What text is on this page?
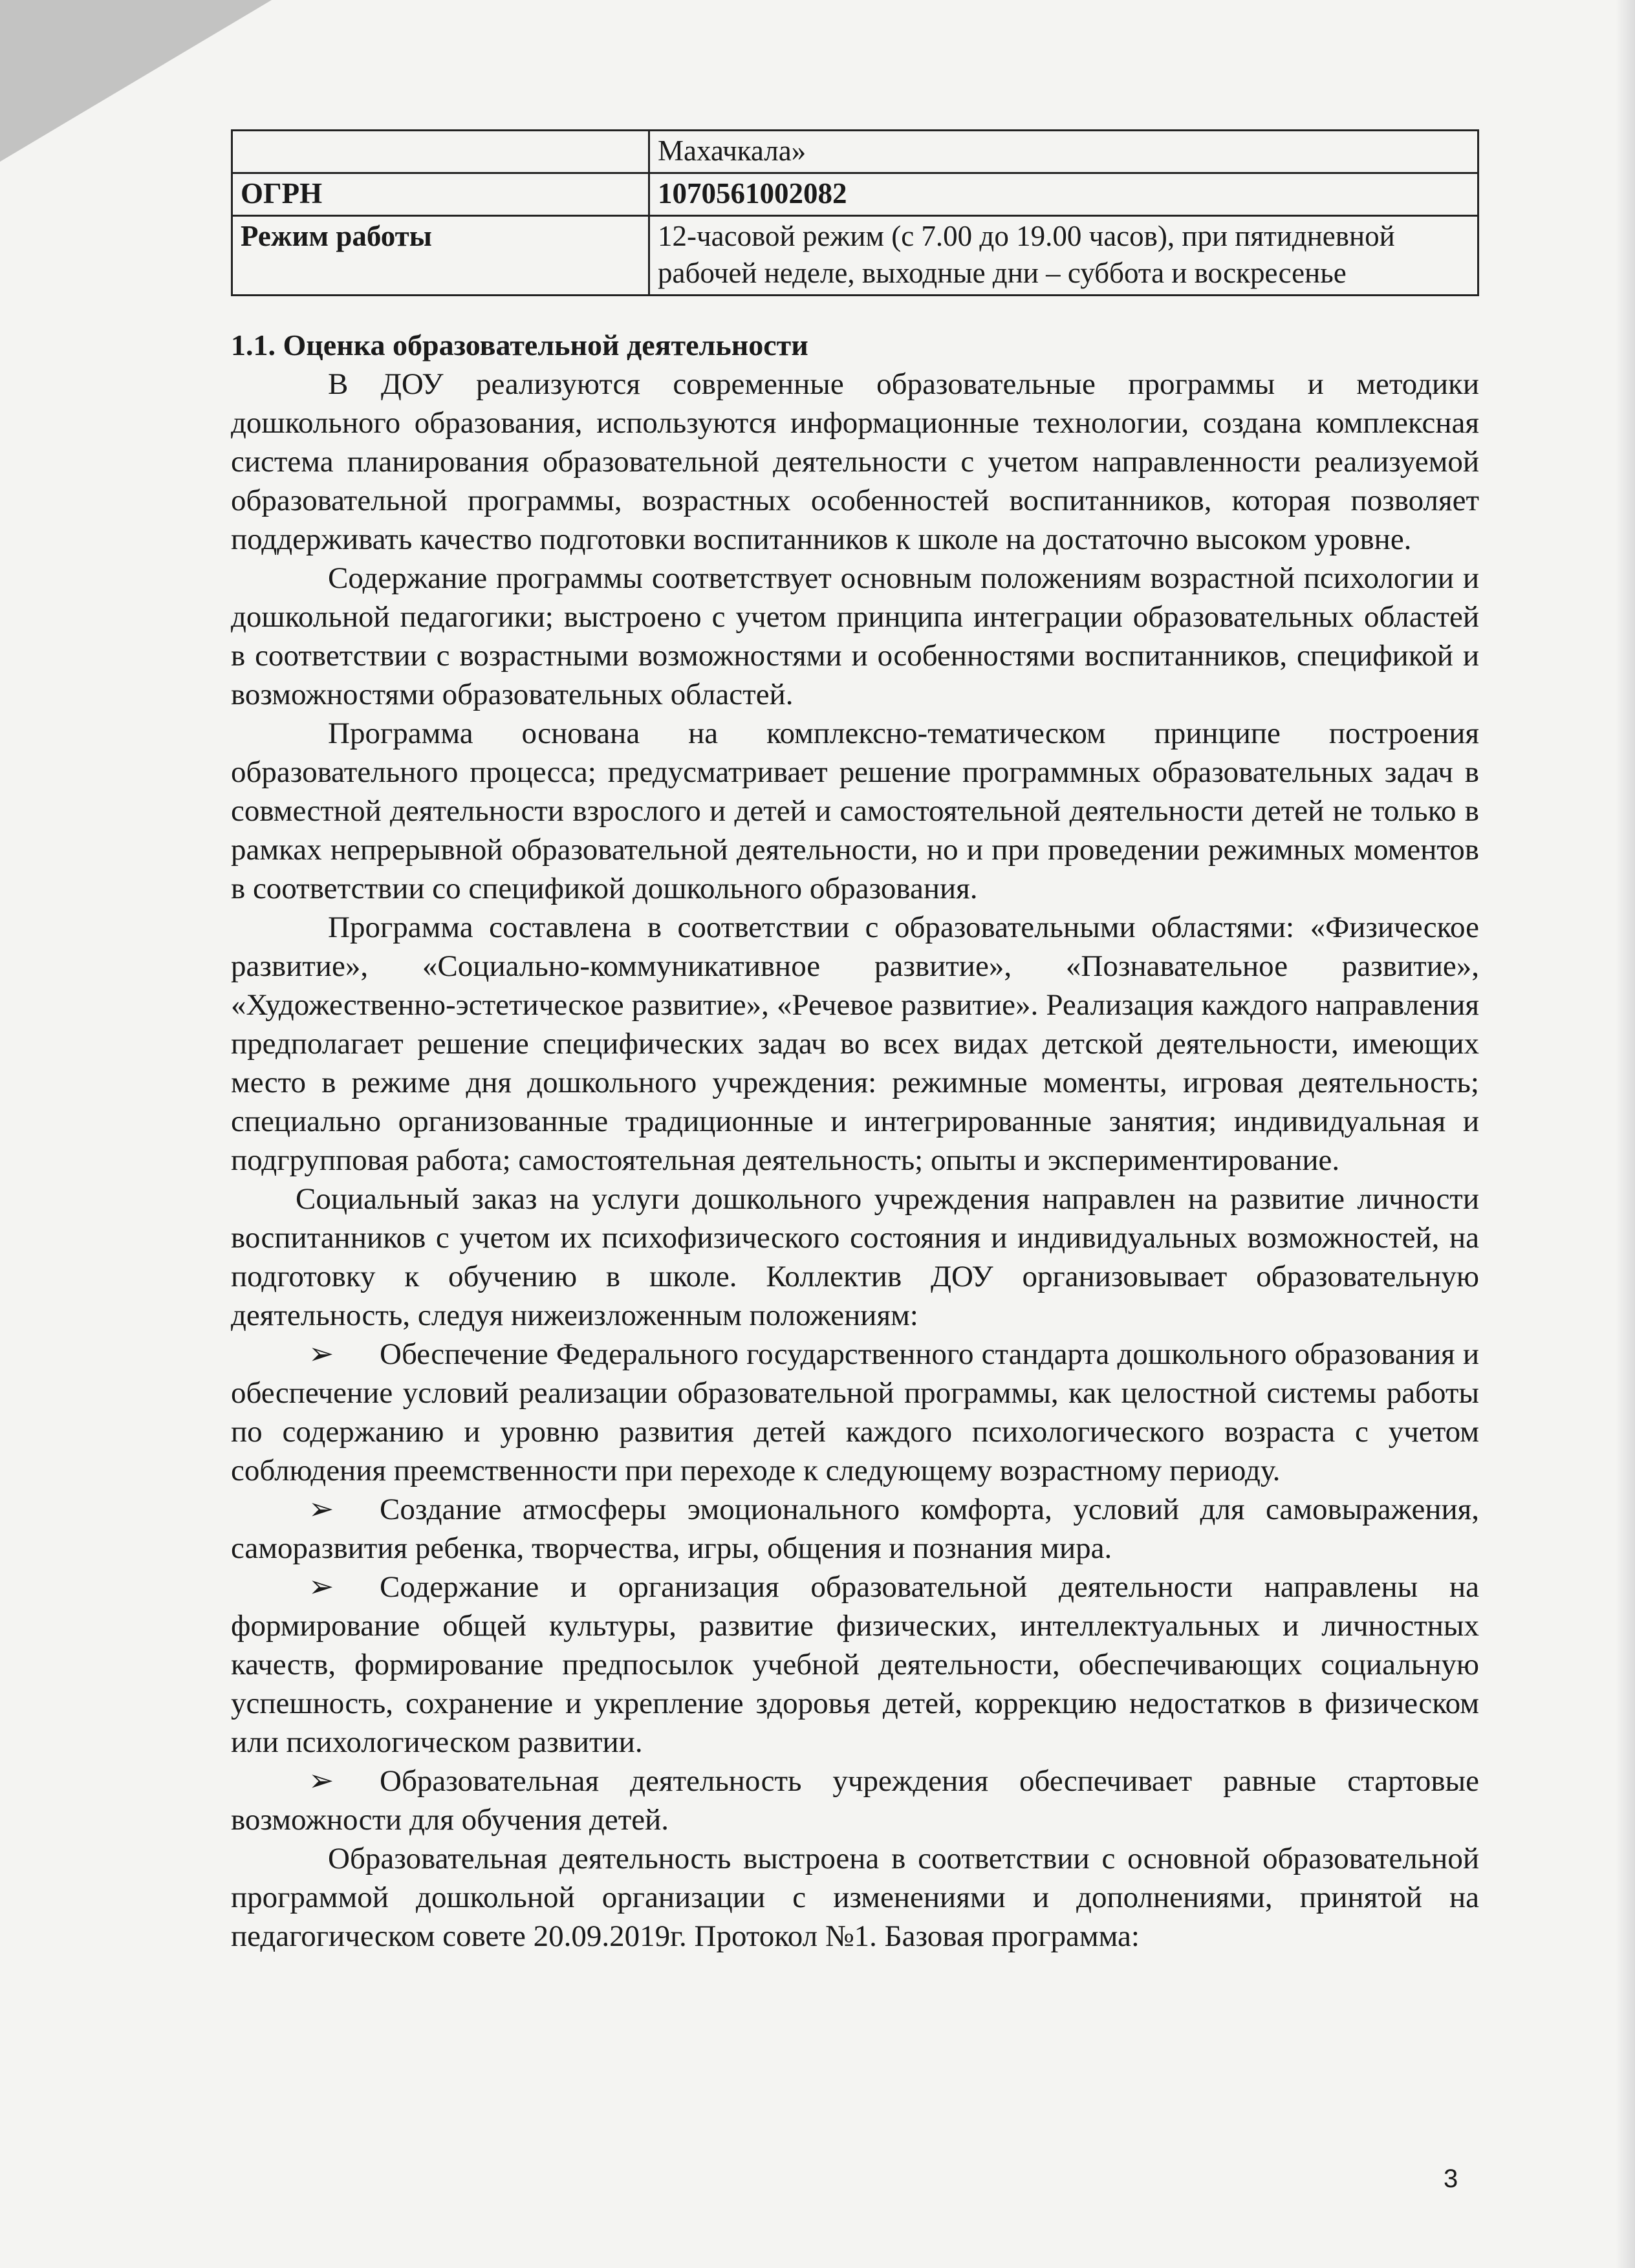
	Махачкала»
ОГРН	1070561002082
Режим работы	12-часовой режим (с 7.00 до 19.00 часов), при пятидневной рабочей неделе, выходные дни – суббота и воскресенье
1.1. Оценка образовательной деятельности

В ДОУ реализуются современные образовательные программы и методики дошкольного образования, используются информационные технологии, создана комплексная система планирования образовательной деятельности с учетом направленности реализуемой образовательной программы, возрастных особенностей воспитанников, которая позволяет поддерживать качество подготовки воспитанников к школе на достаточно высоком уровне.

Содержание программы соответствует основным положениям возрастной психологии и дошкольной педагогики; выстроено с учетом принципа интеграции образовательных областей в соответствии с возрастными возможностями и особенностями воспитанников, спецификой и возможностями образовательных областей.

Программа основана на комплексно-тематическом принципе построения образовательного процесса; предусматривает решение программных образовательных задач в совместной деятельности взрослого и детей и самостоятельной деятельности детей не только в рамках непрерывной образовательной деятельности, но и при проведении режимных моментов в соответствии со спецификой дошкольного образования.

Программа составлена в соответствии с образовательными областями: «Физическое развитие», «Социально-коммуникативное развитие», «Познавательное развитие», «Художественно-эстетическое развитие», «Речевое развитие». Реализация каждого направления предполагает решение специфических задач во всех видах детской деятельности, имеющих место в режиме дня дошкольного учреждения: режимные моменты, игровая деятельность; специально организованные традиционные и интегрированные занятия; индивидуальная и подгрупповая работа; самостоятельная деятельность; опыты и экспериментирование.

Социальный заказ на услуги дошкольного учреждения направлен на развитие личности воспитанников с учетом их психофизического состояния и индивидуальных возможностей, на подготовку к обучению в школе. Коллектив ДОУ организовывает образовательную деятельность, следуя нижеизложенным положениям:

➢ Обеспечение Федерального государственного стандарта дошкольного образования и обеспечение условий реализации образовательной программы, как целостной системы работы по содержанию и уровню развития детей каждого психологического возраста с учетом соблюдения преемственности при переходе к следующему возрастному периоду.

➢ Создание атмосферы эмоционального комфорта, условий для самовыражения, саморазвития ребенка, творчества, игры, общения и познания мира.

➢ Содержание и организация образовательной деятельности направлены на формирование общей культуры, развитие физических, интеллектуальных и личностных качеств, формирование предпосылок учебной деятельности, обеспечивающих социальную успешность, сохранение и укрепление здоровья детей, коррекцию недостатков в физическом или психологическом развитии.

➢ Образовательная деятельность учреждения обеспечивает равные стартовые возможности для обучения детей.

Образовательная деятельность выстроена в соответствии с основной образовательной программой дошкольной организации с изменениями и дополнениями, принятой на педагогическом совете 20.09.2019г. Протокол №1. Базовая программа:

3
